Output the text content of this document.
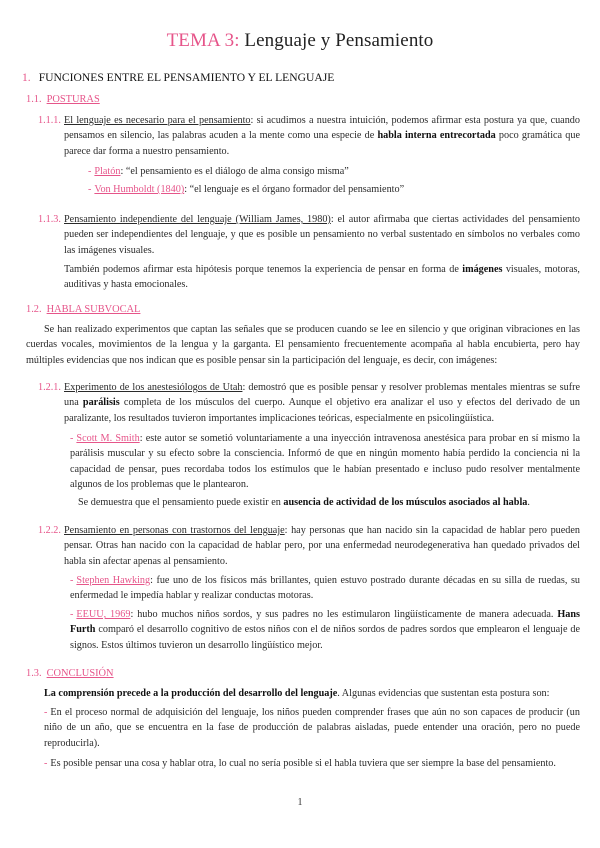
TEMA 3: Lenguaje y Pensamiento
1. FUNCIONES ENTRE EL PENSAMIENTO Y EL LENGUAJE
1.1. POSTURAS
1.1.1. El lenguaje es necesario para el pensamiento: si acudimos a nuestra intuición, podemos afirmar esta postura ya que, cuando pensamos en silencio, las palabras acuden a la mente como una especie de habla interna entrecortada poco gramática que parece dar forma a nuestro pensamiento.
- Platón: “el pensamiento es el diálogo de alma consigo misma”
- Von Humboldt (1840): “el lenguaje es el órgano formador del pensamiento”
1.1.3. Pensamiento independiente del lenguaje (William James, 1980): el autor afirmaba que ciertas actividades del pensamiento pueden ser independientes del lenguaje, y que es posible un pensamiento no verbal sustentado en símbolos no verbales como las imágenes visuales.
También podemos afirmar esta hipótesis porque tenemos la experiencia de pensar en forma de imágenes visuales, motoras, auditivas y hasta emocionales.
1.2. HABLA SUBVOCAL
Se han realizado experimentos que captan las señales que se producen cuando se lee en silencio y que originan vibraciones en las cuerdas vocales, movimientos de la lengua y la garganta. El pensamiento frecuentemente acompaña al habla encubierta, pero hay múltiples evidencias que nos indican que es posible pensar sin la participación del lenguaje, es decir, con imágenes:
1.2.1. Experimento de los anestesiólogos de Utah: demostró que es posible pensar y resolver problemas mentales mientras se sufre una parálisis completa de los músculos del cuerpo. Aunque el objetivo era analizar el uso y efectos del derivado de un paralizante, los resultados tuvieron importantes implicaciones teóricas, especialmente en psicolingüística.
- Scott M. Smith: este autor se sometió voluntariamente a una inyección intravenosa anestésica para probar en sí mismo la parálisis muscular y su efecto sobre la consciencia. Informó de que en ningún momento había perdido la conciencia ni la capacidad de pensar, pues recordaba todos los estímulos que le habían presentado e incluso pudo resolver mentalmente algunos de los problemas que le plantearon.
Se demuestra que el pensamiento puede existir en ausencia de actividad de los músculos asociados al habla.
1.2.2. Pensamiento en personas con trastornos del lenguaje: hay personas que han nacido sin la capacidad de hablar pero pueden pensar. Otras han nacido con la capacidad de hablar pero, por una enfermedad neurodegenerativa han quedado privados del habla sin afectar apenas al pensamiento.
- Stephen Hawking: fue uno de los físicos más brillantes, quien estuvo postrado durante décadas en su silla de ruedas, su enfermedad le impedía hablar y realizar conductas motoras.
- EEUU, 1969: hubo muchos niños sordos, y sus padres no les estimularon lingüísticamente de manera adecuada. Hans Furth comparó el desarrollo cognitivo de estos niños con el de niños sordos de padres sordos que emplearon el lenguaje de signos. Estos últimos tuvieron un desarrollo lingüístico mejor.
1.3. CONCLUSIÓN
La comprensión precede a la producción del desarrollo del lenguaje. Algunas evidencias que sustentan esta postura son:
- En el proceso normal de adquisición del lenguaje, los niños pueden comprender frases que aún no son capaces de producir (un niño de un año, que se encuentra en la fase de producción de palabras aisladas, puede entender una oración, pero no puede reproducirla).
- Es posible pensar una cosa y hablar otra, lo cual no sería posible si el habla tuviera que ser siempre la base del pensamiento.
1
